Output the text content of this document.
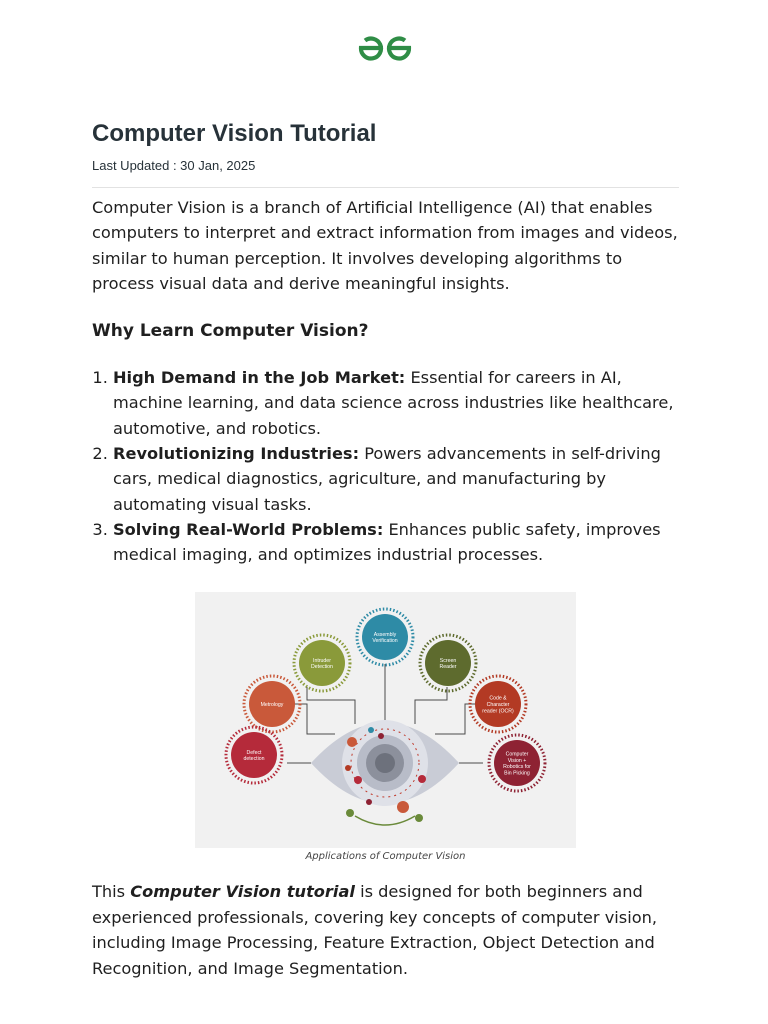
Computer Vision Tutorial
Last Updated : 30 Jan, 2025

Computer Vision is a branch of Artificial Intelligence (AI) that enables computers to interpret and extract information from images and videos, similar to human perception. It involves developing algorithms to process visual data and derive meaningful insights.

Why Learn Computer Vision?
1. High Demand in the Job Market: Essential for careers in AI, machine learning, and data science across industries like healthcare, automotive, and robotics.
2. Revolutionizing Industries: Powers advancements in self-driving cars, medical diagnostics, agriculture, and manufacturing by automating visual tasks.
3. Solving Real-World Problems: Enhances public safety, improves medical imaging, and optimizes industrial processes.
Assembly
Verification
Intruder
Detection
Screen
Reader
Metrology
Code &
Character
reader (OCR)
Defect
detection
Computer
Vision +
Robotics for
Bin Picking
Applications of Computer Vision

This Computer Vision tutorial is designed for both beginners and experienced professionals, covering key concepts of computer vision, including Image Processing, Feature Extraction, Object Detection and Recognition, and Image Segmentation.
